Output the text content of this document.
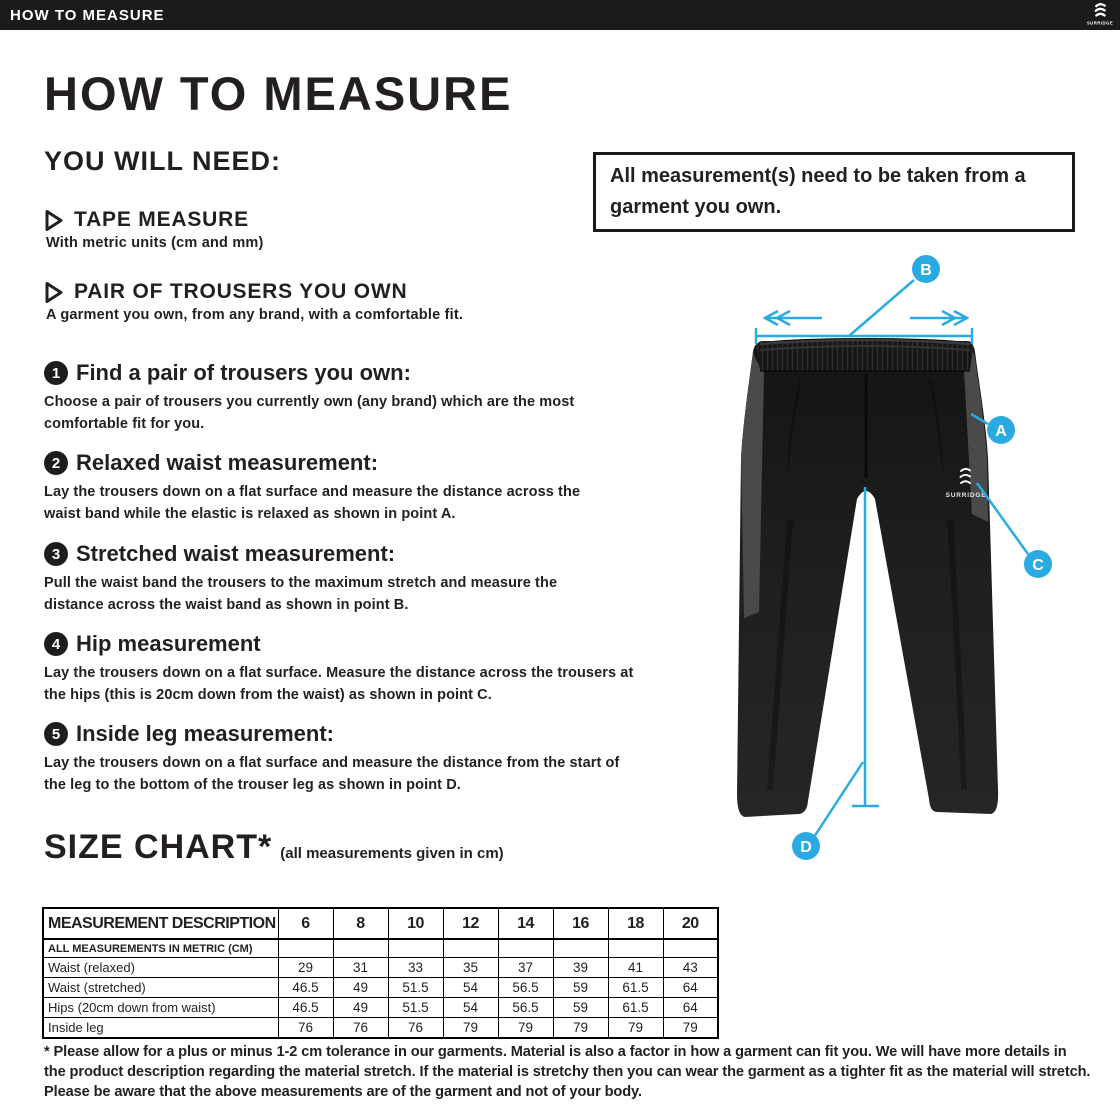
HOW TO MEASURE	SURRIDGE
HOW TO MEASURE
YOU WILL NEED:
TAPE MEASURE
With metric units (cm and mm)
PAIR OF TROUSERS YOU OWN
A garment you own, from any brand, with a comfortable fit.
All measurement(s) need to be taken from a garment you own.
1 Find a pair of trousers you own:
Choose a pair of trousers you currently own (any brand) which are the most comfortable fit for you.
2 Relaxed waist measurement:
Lay the trousers down on a flat surface and measure the distance across the waist band while the elastic is relaxed as shown in point A.
3 Stretched waist measurement:
Pull the waist band the trousers to the maximum stretch and measure the distance across the waist band as shown in point B.
4 Hip measurement
Lay the trousers down on a flat surface. Measure the distance across the trousers at the hips (this is 20cm down from the waist) as shown in point C.
5 Inside leg measurement:
Lay the trousers down on a flat surface and measure the distance from the start of the leg to the bottom of the trouser leg as shown in point D.
SIZE CHART* (all measurements given in cm)
MEASUREMENT DESCRIPTION	6	8	10	12	14	16	18	20
ALL MEASUREMENTS IN METRIC (CM)								
Waist (relaxed)	29	31	33	35	37	39	41	43
Waist (stretched)	46.5	49	51.5	54	56.5	59	61.5	64
Hips (20cm down from waist)	46.5	49	51.5	54	56.5	59	61.5	64
Inside leg	76	76	76	79	79	79	79	79
* Please allow for a plus or minus 1-2 cm tolerance in our garments. Material is also a factor in how a garment can fit you. We will have more details in the product description regarding the material stretch. If the material is stretchy then you can wear the garment as a tighter fit as the material will stretch. Please be aware that the above measurements are of the garment and not of your body.
SURRIDGE
A
B
C
D
